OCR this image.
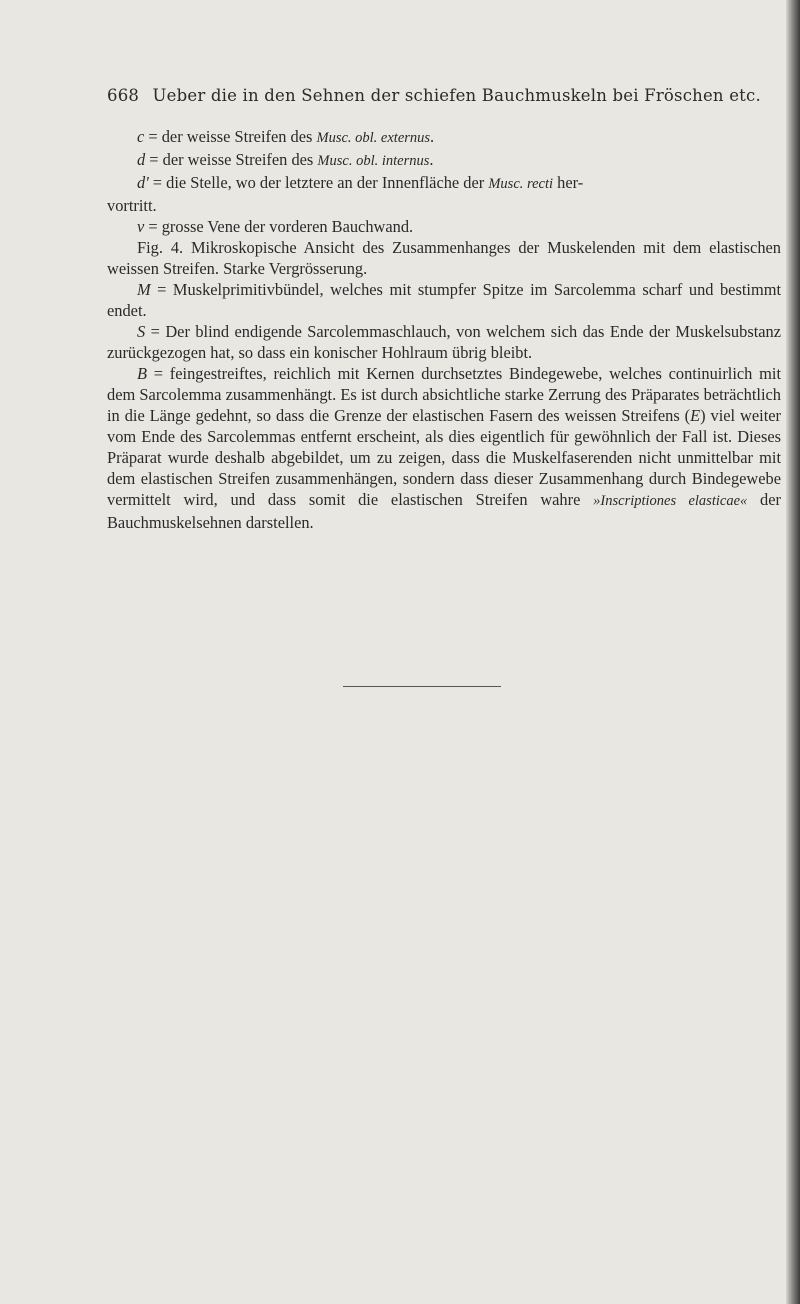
668 Ueber die in den Sehnen der schiefen Bauchmuskeln bei Fröschen etc.

c = der weisse Streifen des Musc. obl. externus.

d = der weisse Streifen des Musc. obl. internus.

d' = die Stelle, wo der letztere an der Innenfläche der Musc. recti her-

vortritt.

v = grosse Vene der vorderen Bauchwand.

Fig. 4. Mikroskopische Ansicht des Zusammenhanges der Muskelenden mit dem elastischen weissen Streifen. Starke Vergrösserung.

M = Muskelprimitivbündel, welches mit stumpfer Spitze im Sarcolemma scharf und bestimmt endet.

S = Der blind endigende Sarcolemmaschlauch, von welchem sich das Ende der Muskelsubstanz zurückgezogen hat, so dass ein konischer Hohlraum übrig bleibt.

B = feingestreiftes, reichlich mit Kernen durchsetztes Bindegewebe, welches continuirlich mit dem Sarcolemma zusammenhängt. Es ist durch absichtliche starke Zerrung des Präparates beträchtlich in die Länge gedehnt, so dass die Grenze der elastischen Fasern des weissen Streifens (E) viel weiter vom Ende des Sarcolemmas entfernt erscheint, als dies eigentlich für gewöhnlich der Fall ist. Dieses Präparat wurde deshalb abgebildet, um zu zeigen, dass die Muskelfaserenden nicht unmittelbar mit dem elastischen Streifen zusammenhängen, sondern dass dieser Zusammenhang durch Bindegewebe vermittelt wird, und dass somit die elastischen Streifen wahre »Inscriptiones elasticae« der Bauchmuskelsehnen darstellen.
